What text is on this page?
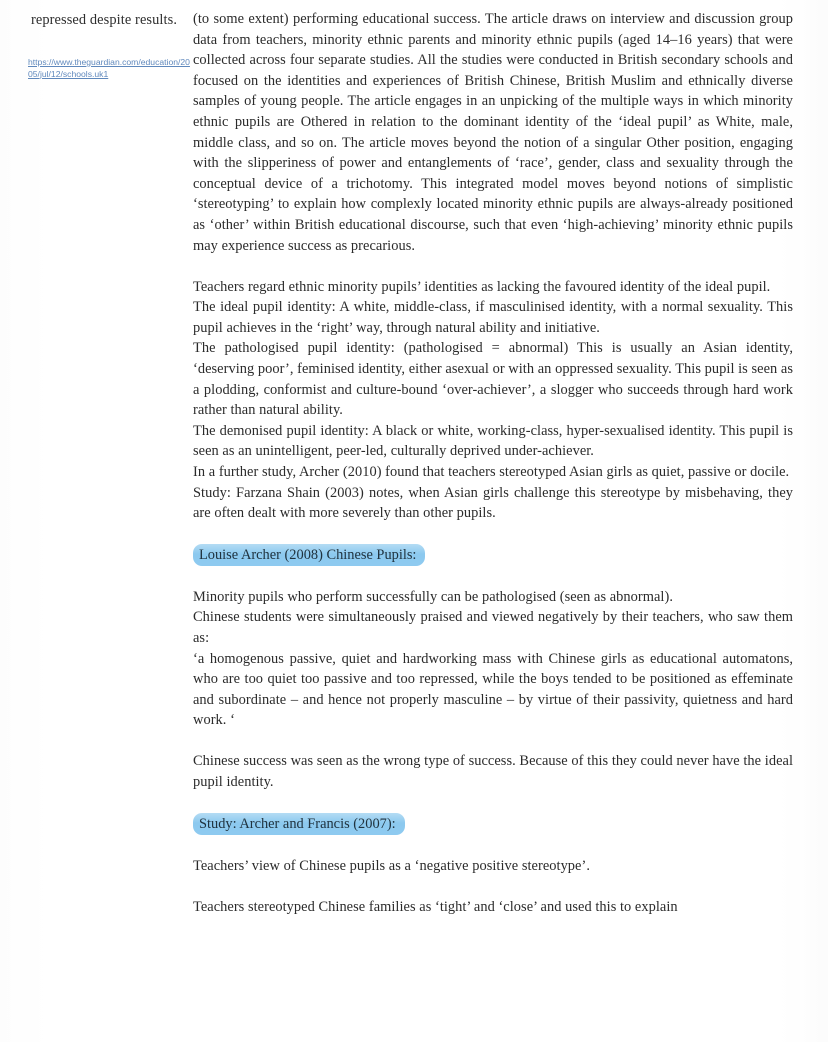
repressed despite results.
https://www.theguardian.com/education/2005/jul/12/schools.uk1

(to some extent) performing educational success. The article draws on interview and discussion group data from teachers, minority ethnic parents and minority ethnic pupils (aged 14–16 years) that were collected across four separate studies. All the studies were conducted in British secondary schools and focused on the identities and experiences of British Chinese, British Muslim and ethnically diverse samples of young people. The article engages in an unpicking of the multiple ways in which minority ethnic pupils are Othered in relation to the dominant identity of the ‘ideal pupil’ as White, male, middle class, and so on. The article moves beyond the notion of a singular Other position, engaging with the slipperiness of power and entanglements of ‘race’, gender, class and sexuality through the conceptual device of a trichotomy. This integrated model moves beyond notions of simplistic ‘stereotyping’ to explain how complexly located minority ethnic pupils are always-already positioned as ‘other’ within British educational discourse, such that even ‘high-achieving’ minority ethnic pupils may experience success as precarious.

Teachers regard ethnic minority pupils’ identities as lacking the favoured identity of the ideal pupil.

The ideal pupil identity: A white, middle-class, if masculinised identity, with a normal sexuality. This pupil achieves in the ‘right’ way, through natural ability and initiative.

The pathologised pupil identity: (pathologised = abnormal) This is usually an Asian identity, ‘deserving poor’, feminised identity, either asexual or with an oppressed sexuality. This pupil is seen as a plodding, conformist and culture-bound ‘over-achiever’, a slogger who succeeds through hard work rather than natural ability.

The demonised pupil identity: A black or white, working-class, hyper-sexualised identity. This pupil is seen as an unintelligent, peer-led, culturally deprived under-achiever.

In a further study, Archer (2010) found that teachers stereotyped Asian girls as quiet, passive or docile.

Study: Farzana Shain (2003) notes, when Asian girls challenge this stereotype by misbehaving, they are often dealt with more severely than other pupils.

Louise Archer (2008) Chinese Pupils:

Minority pupils who perform successfully can be pathologised (seen as abnormal).

Chinese students were simultaneously praised and viewed negatively by their teachers, who saw them as:

‘a homogenous passive, quiet and hardworking mass with Chinese girls as educational automatons, who are too quiet too passive and too repressed, while the boys tended to be positioned as effeminate and subordinate – and hence not properly masculine – by virtue of their passivity, quietness and hard work. ‘

Chinese success was seen as the wrong type of success. Because of this they could never have the ideal pupil identity.

Study: Archer and Francis (2007):

Teachers’ view of Chinese pupils as a ‘negative positive stereotype’.

Teachers stereotyped Chinese families as ‘tight’ and ‘close’ and used this to explain
